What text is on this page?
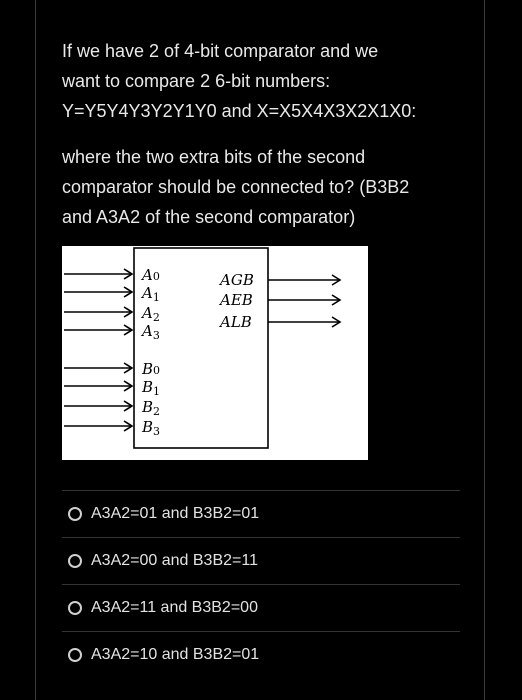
If we have 2 of 4-bit comparator and we
want to compare 2 6-bit numbers:
Y=Y5Y4Y3Y2Y1Y0 and X=X5X4X3X2X1X0:
where the two extra bits of the second
comparator should be connected to? (B3B2
and A3A2 of the second comparator)
A0
$A_1$
$A_2$
$A_3$
B0
$B_1$
$B_2$
$B_3$
AGB
AEB
ALB
A3A2=01 and B3B2=01
A3A2=00 and B3B2=11
A3A2=11 and B3B2=00
A3A2=10 and B3B2=01
